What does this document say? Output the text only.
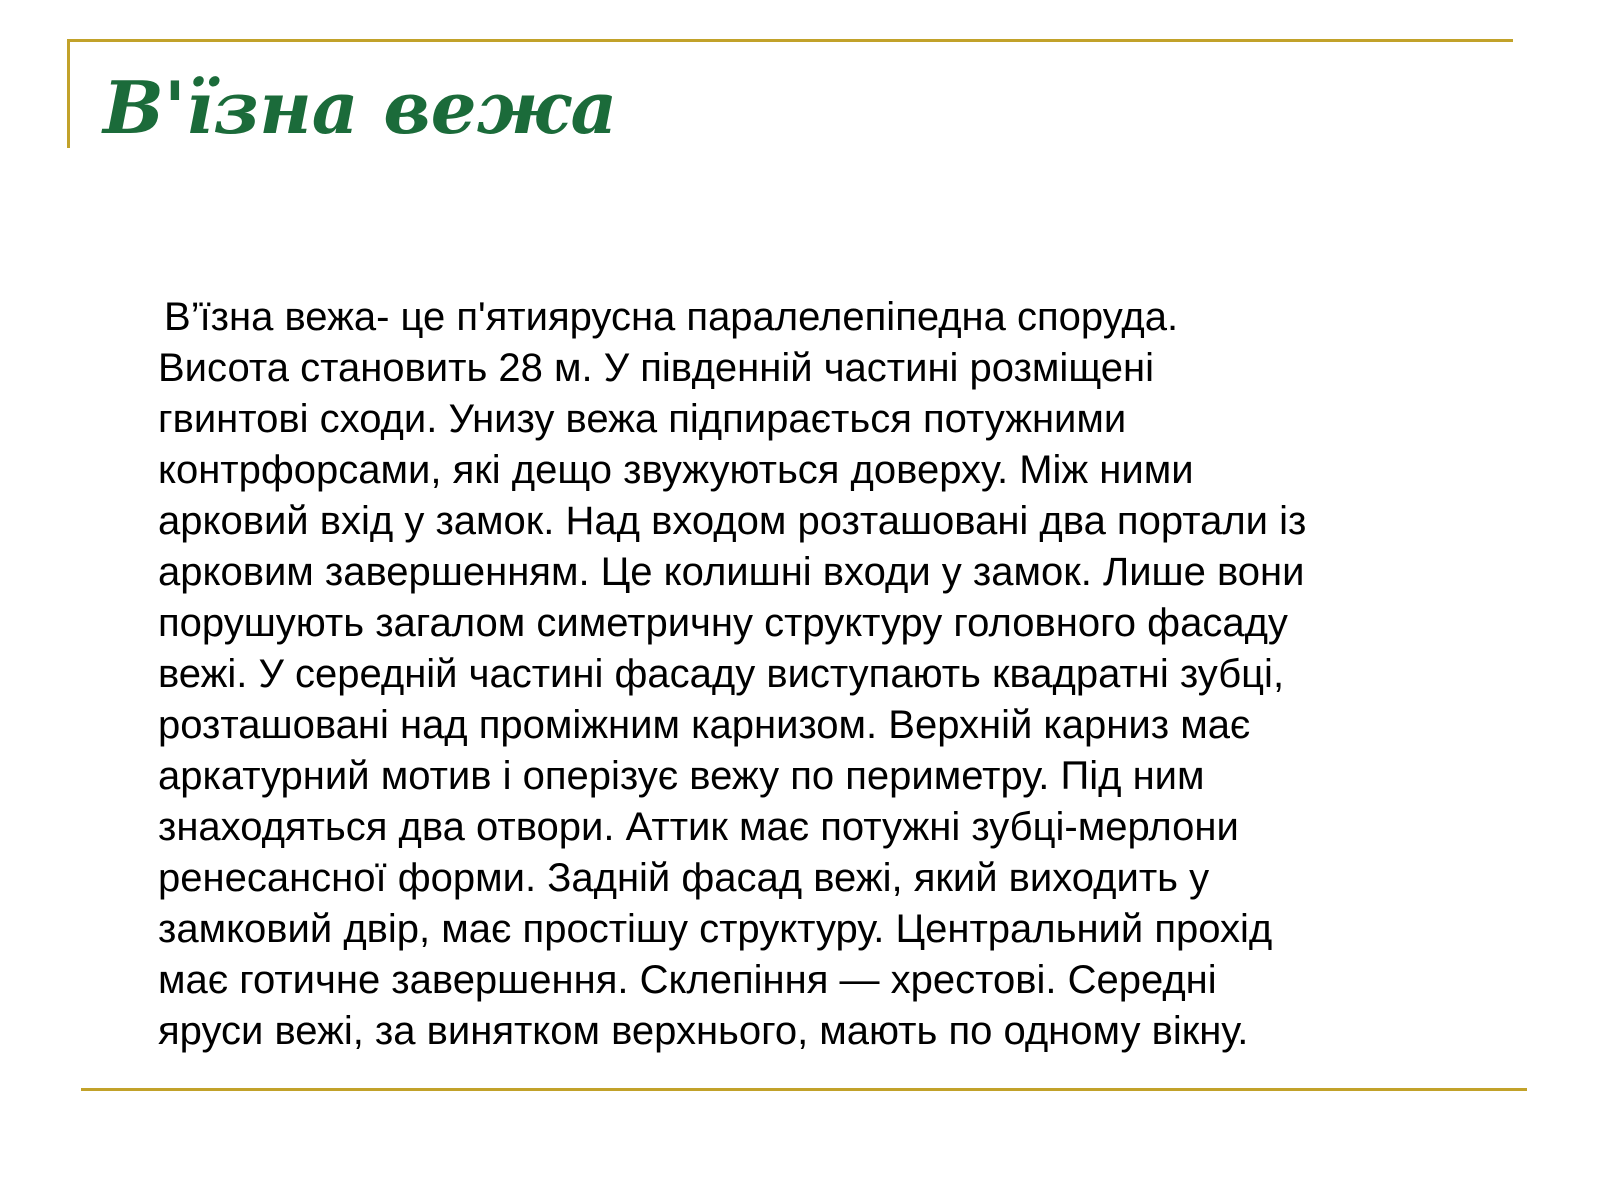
В'їзна вежа

В’їзна вежа- це п'ятиярусна паралелепіпедна споруда.
Висота становить 28 м. У південній частині розміщені
гвинтові сходи. Унизу вежа підпирається потужними
контрфорсами, які дещо звужуються доверху. Між ними
арковий вхід у замок. Над входом розташовані два портали із
арковим завершенням. Це колишні входи у замок. Лише вони
порушують загалом симетричну структуру головного фасаду
вежі. У середній частині фасаду виступають квадратні зубці,
розташовані над проміжним карнизом. Верхній карниз має
аркатурний мотив і оперізує вежу по периметру. Під ним
знаходяться два отвори. Аттик має потужні зубці-мерлони
ренесансної форми. Задній фасад вежі, який виходить у
замковий двір, має простішу структуру. Центральний прохід
має готичне завершення. Склепіння — хрестові. Середні
яруси вежі, за винятком верхнього, мають по одному вікну.
